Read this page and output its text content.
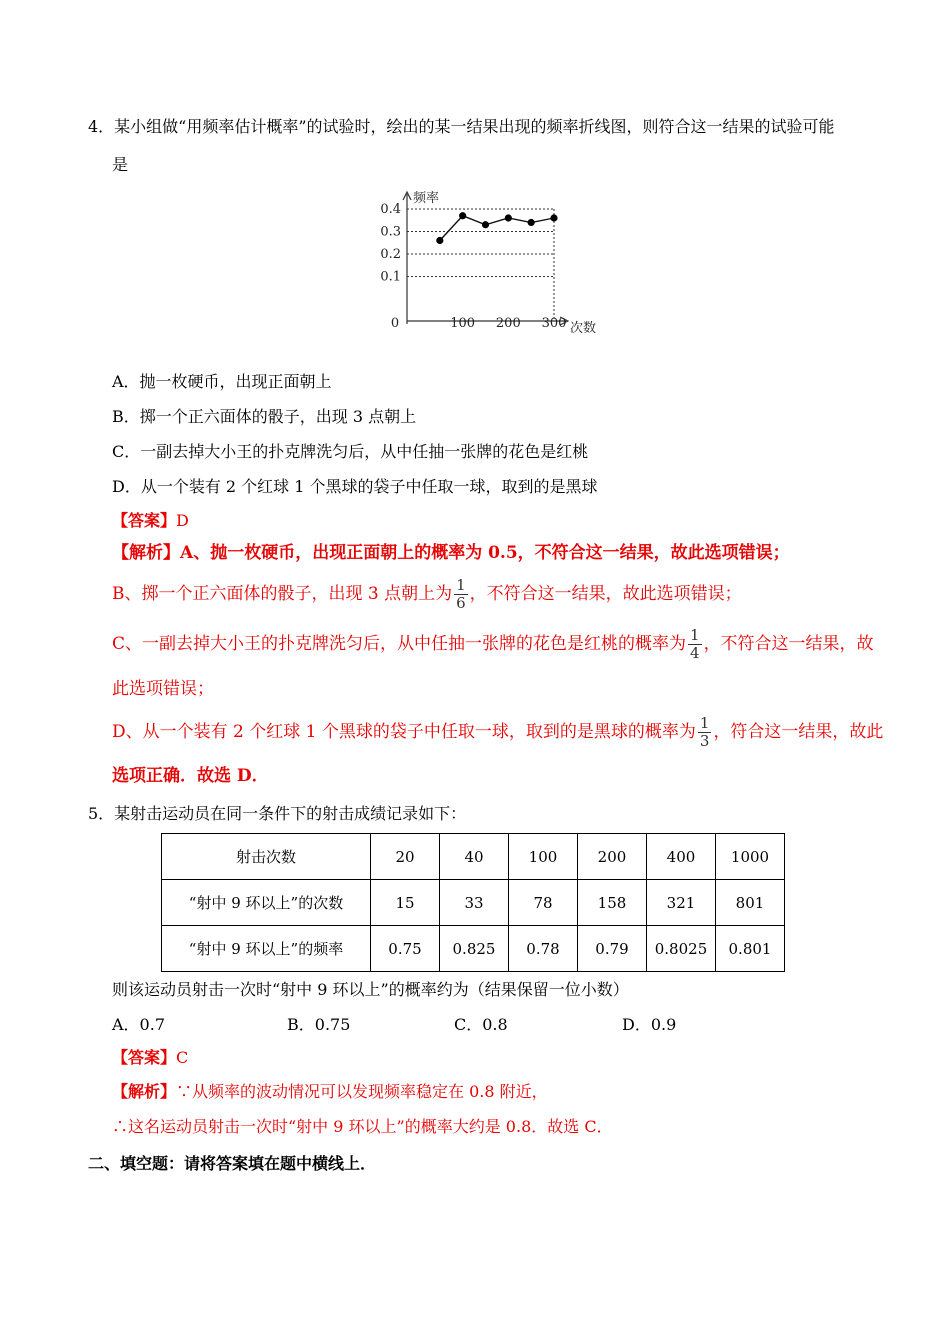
4．某小组做“用频率估计概率”的试验时，绘出的某一结果出现的频率折线图，则符合这一结果的试验可能
是
0.1
0.2
0.3
0.4
100 200 300
0
频率
次数
A．抛一枚硬币，出现正面朝上
B．掷一个正六面体的骰子，出现 3 点朝上
C．一副去掉大小王的扑克牌洗匀后，从中任抽一张牌的花色是红桃
D．从一个装有 2 个红球 1 个黑球的袋子中任取一球，取到的是黑球
【答案】D
【解析】A、抛一枚硬币，出现正面朝上的概率为 0.5，不符合这一结果，故此选项错误；
B、掷一个正六面体的骰子，出现 3 点朝上为 $\frac{1}{6}$ ，不符合这一结果，故此选项错误；
C、一副去掉大小王的扑克牌洗匀后，从中任抽一张牌的花色是红桃的概率为 $\frac{1}{4}$ ，不符合这一结果，故
此选项错误；
D、从一个装有 2 个红球 1 个黑球的袋子中任取一球，取到的是黑球的概率为 $\frac{1}{3}$ ，符合这一结果，故此
选项正确．故选 D．
5．某射击运动员在同一条件下的射击成绩记录如下：
射击次数	20	40	100	200	400	1000
“射中 9 环以上”的次数	15	33	78	158	321	801
“射中 9 环以上”的频率	0.75	0.825	0.78	0.79	0.8025	0.801
则该运动员射击一次时“射中 9 环以上”的概率约为（结果保留一位小数）
A．0.7	B．0.75	C．0.8	D．0.9
【答案】C
【解析】∵从频率的波动情况可以发现频率稳定在 0.8 附近，
∴这名运动员射击一次时“射中 9 环以上”的概率大约是 0.8．故选 C．
二、填空题：请将答案填在题中横线上．
